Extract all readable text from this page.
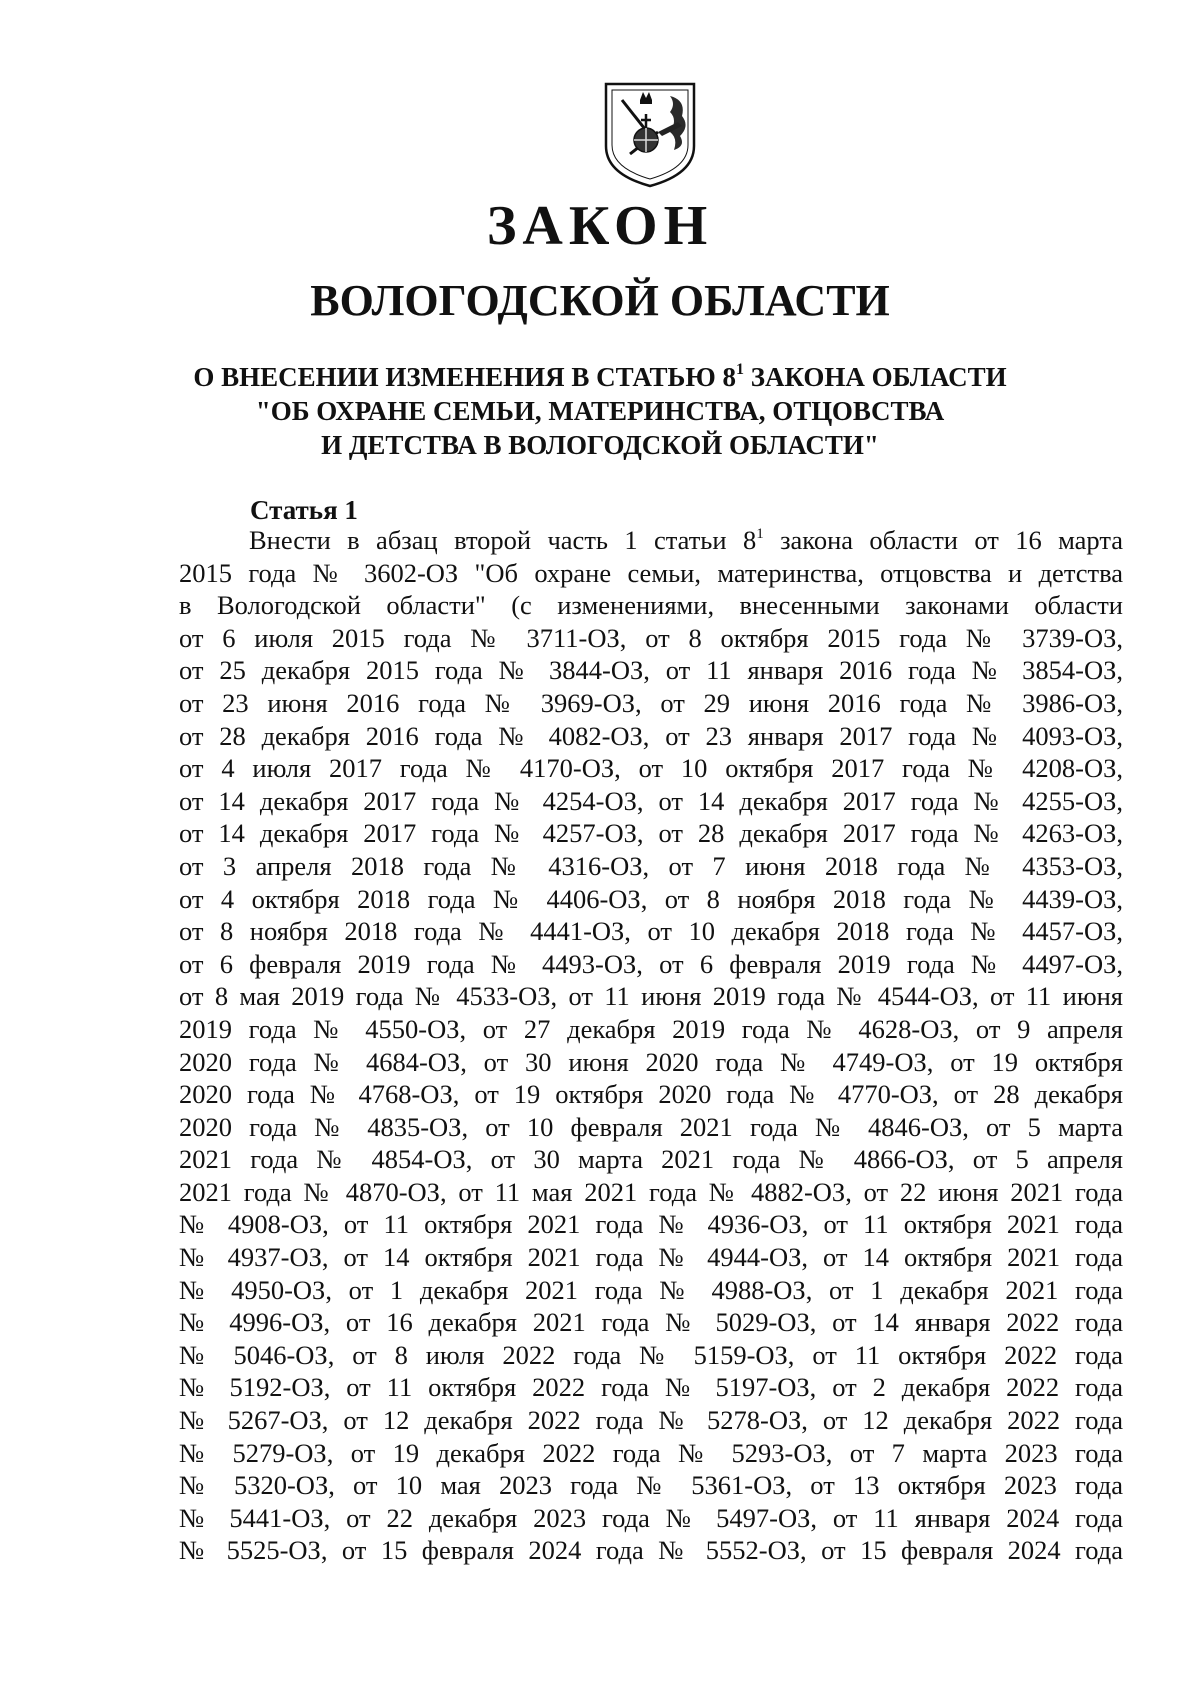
ЗАКОН
ВОЛОГОДСКОЙ ОБЛАСТИ
О ВНЕСЕНИИ ИЗМЕНЕНИЯ В СТАТЬЮ $8^1$ ЗАКОНА ОБЛАСТИ
"ОБ ОХРАНЕ СЕМЬИ, МАТЕРИНСТВА, ОТЦОВСТВА
И ДЕТСТВА В ВОЛОГОДСКОЙ ОБЛАСТИ"
Статья 1
Внести в абзац второй часть 1 статьи $8^1$ закона области от 16 марта
2015 года № 3602-ОЗ "Об охране семьи, материнства, отцовства и детства
в Вологодской области" (с изменениями, внесенными законами области
от 6 июля 2015 года № 3711-ОЗ, от 8 октября 2015 года № 3739-ОЗ,
от 25 декабря 2015 года № 3844-ОЗ, от 11 января 2016 года № 3854-ОЗ,
от 23 июня 2016 года № 3969-ОЗ, от 29 июня 2016 года № 3986-ОЗ,
от 28 декабря 2016 года № 4082-ОЗ, от 23 января 2017 года № 4093-ОЗ,
от 4 июля 2017 года № 4170-ОЗ, от 10 октября 2017 года № 4208-ОЗ,
от 14 декабря 2017 года № 4254-ОЗ, от 14 декабря 2017 года № 4255-ОЗ,
от 14 декабря 2017 года № 4257-ОЗ, от 28 декабря 2017 года № 4263-ОЗ,
от 3 апреля 2018 года № 4316-ОЗ, от 7 июня 2018 года № 4353-ОЗ,
от 4 октября 2018 года № 4406-ОЗ, от 8 ноября 2018 года № 4439-ОЗ,
от 8 ноября 2018 года № 4441-ОЗ, от 10 декабря 2018 года № 4457-ОЗ,
от 6 февраля 2019 года № 4493-ОЗ, от 6 февраля 2019 года № 4497-ОЗ,
от 8 мая 2019 года № 4533-ОЗ, от 11 июня 2019 года № 4544-ОЗ, от 11 июня
2019 года № 4550-ОЗ, от 27 декабря 2019 года № 4628-ОЗ, от 9 апреля
2020 года № 4684-ОЗ, от 30 июня 2020 года № 4749-ОЗ, от 19 октября
2020 года № 4768-ОЗ, от 19 октября 2020 года № 4770-ОЗ, от 28 декабря
2020 года № 4835-ОЗ, от 10 февраля 2021 года № 4846-ОЗ, от 5 марта
2021 года № 4854-ОЗ, от 30 марта 2021 года № 4866-ОЗ, от 5 апреля
2021 года № 4870-ОЗ, от 11 мая 2021 года № 4882-ОЗ, от 22 июня 2021 года
№ 4908-ОЗ, от 11 октября 2021 года № 4936-ОЗ, от 11 октября 2021 года
№ 4937-ОЗ, от 14 октября 2021 года № 4944-ОЗ, от 14 октября 2021 года
№ 4950-ОЗ, от 1 декабря 2021 года № 4988-ОЗ, от 1 декабря 2021 года
№ 4996-ОЗ, от 16 декабря 2021 года № 5029-ОЗ, от 14 января 2022 года
№ 5046-ОЗ, от 8 июля 2022 года № 5159-ОЗ, от 11 октября 2022 года
№ 5192-ОЗ, от 11 октября 2022 года № 5197-ОЗ, от 2 декабря 2022 года
№ 5267-ОЗ, от 12 декабря 2022 года № 5278-ОЗ, от 12 декабря 2022 года
№ 5279-ОЗ, от 19 декабря 2022 года № 5293-ОЗ, от 7 марта 2023 года
№ 5320-ОЗ, от 10 мая 2023 года № 5361-ОЗ, от 13 октября 2023 года
№ 5441-ОЗ, от 22 декабря 2023 года № 5497-ОЗ, от 11 января 2024 года
№ 5525-ОЗ, от 15 февраля 2024 года № 5552-ОЗ, от 15 февраля 2024 года
